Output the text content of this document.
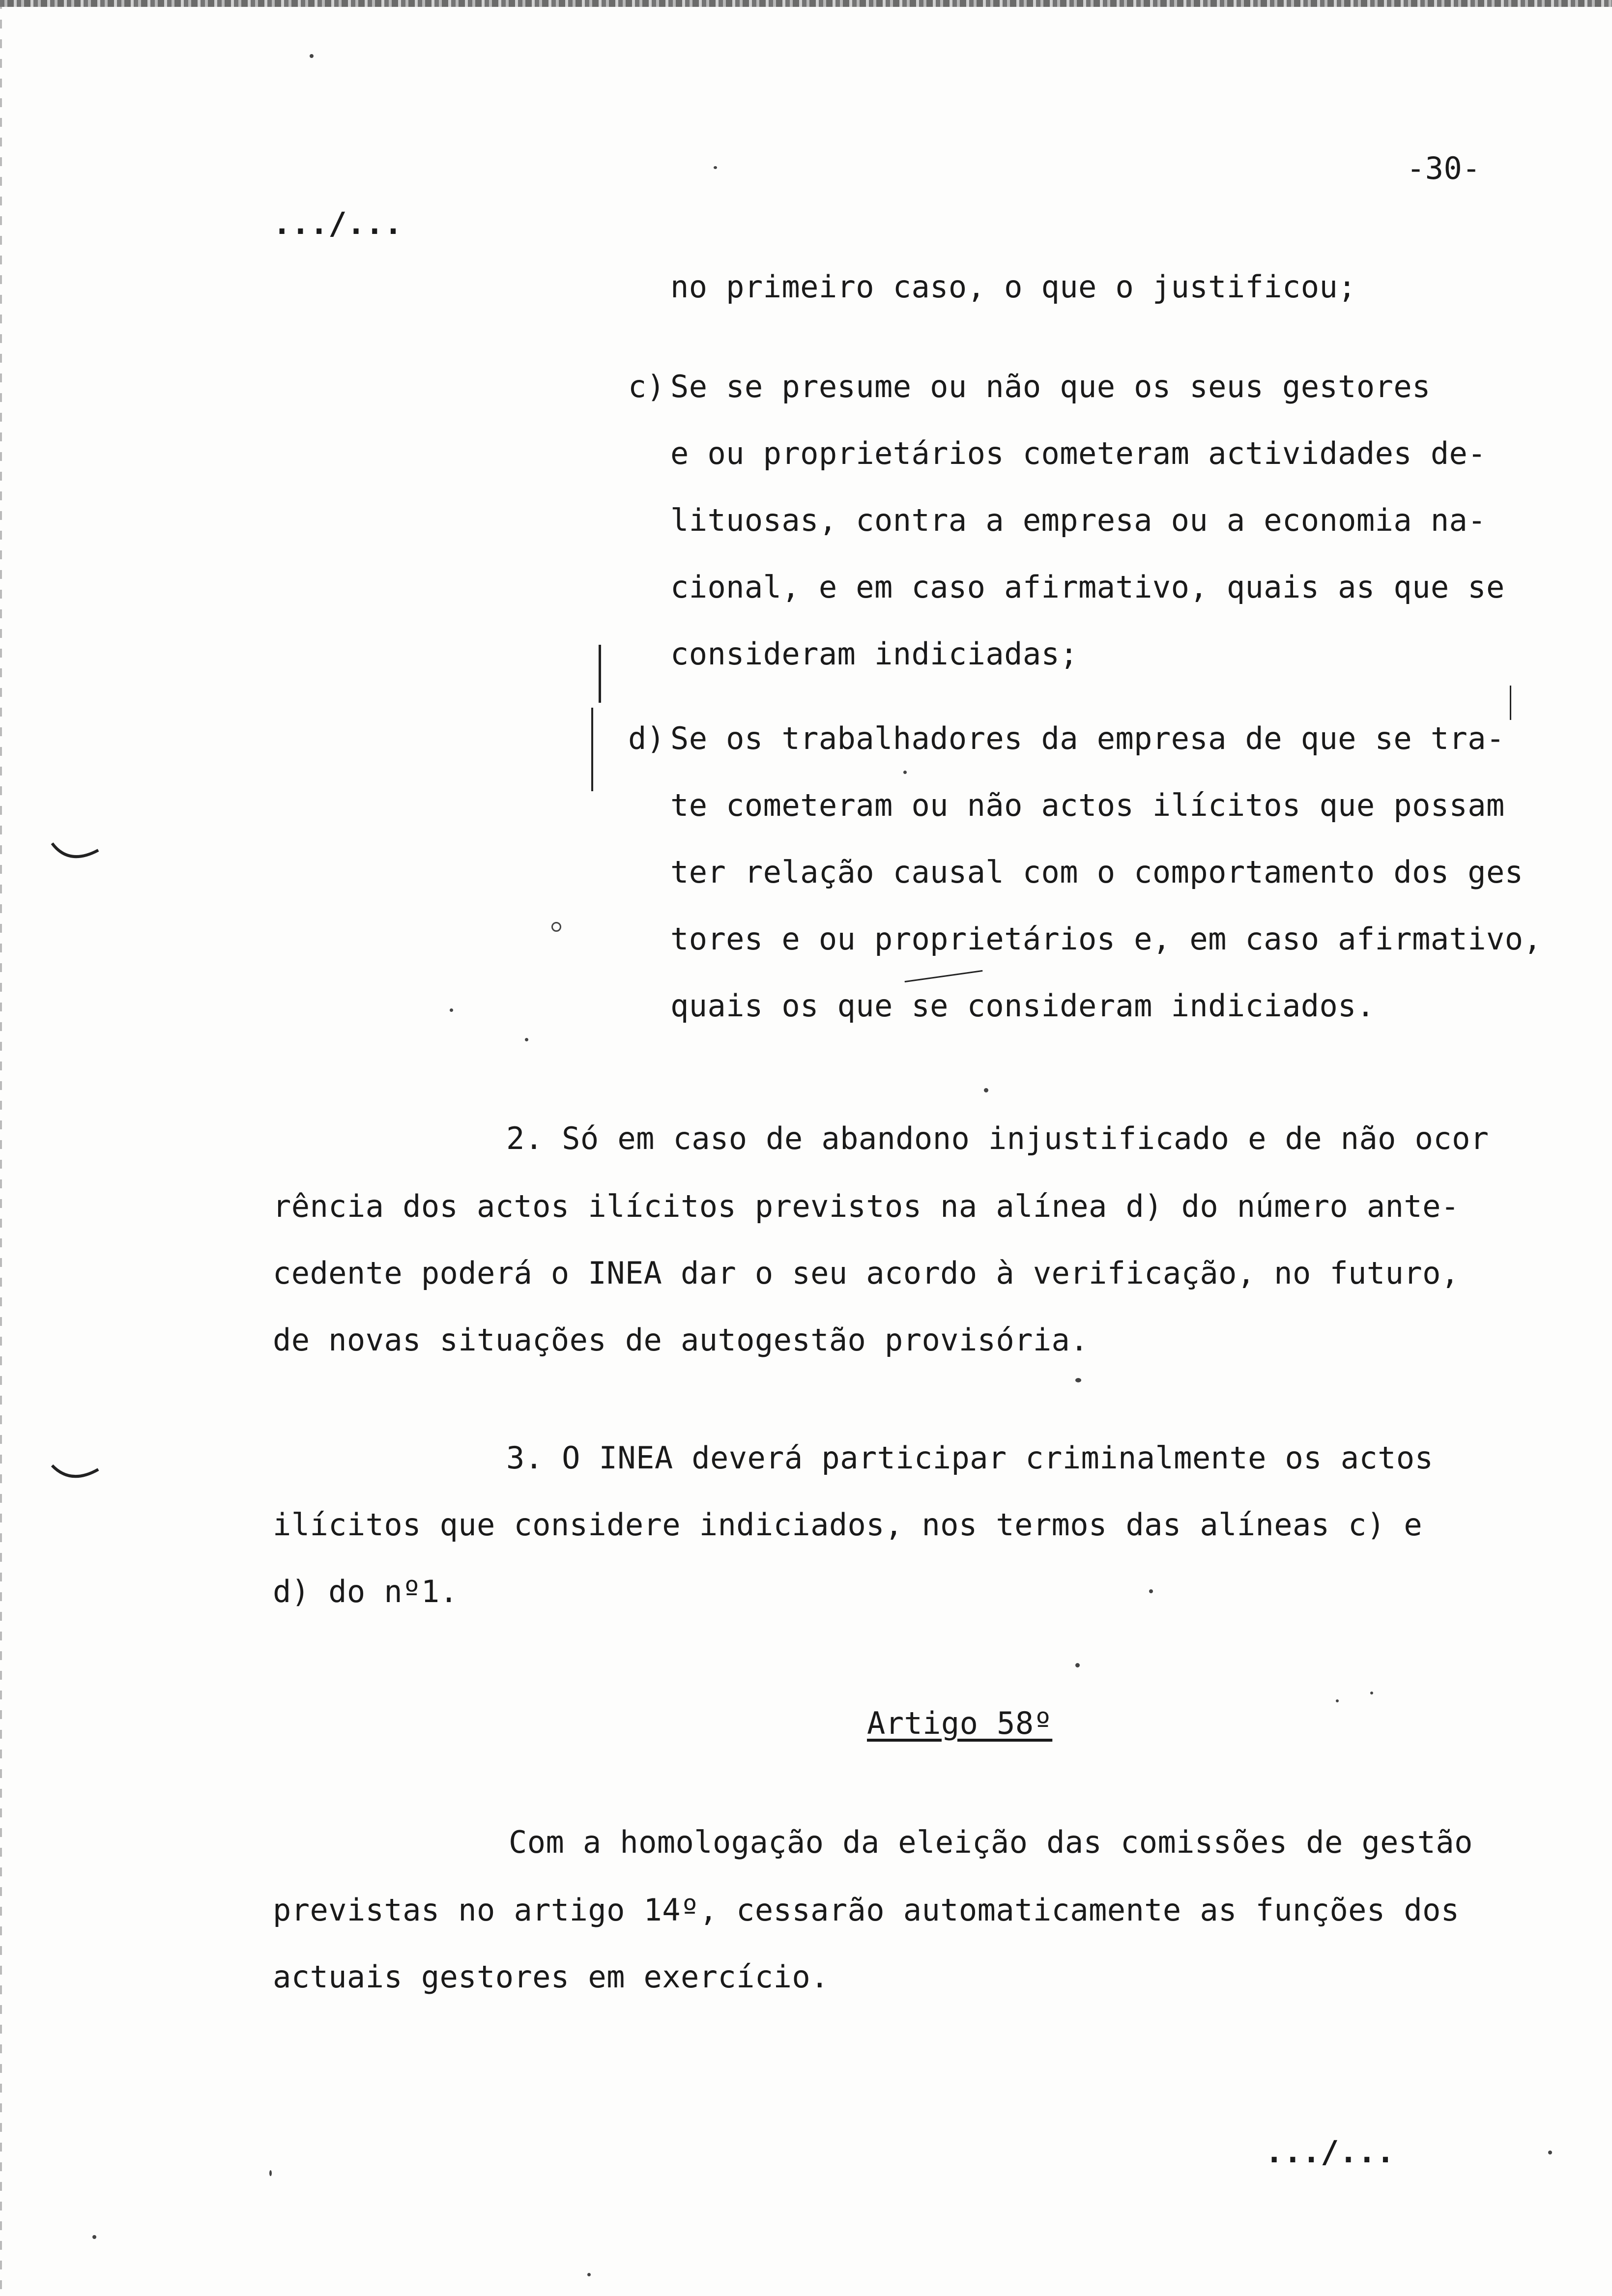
-30-
.../...
no primeiro caso, o que o justificou;
c) Se se presume ou não que os seus gestores
e ou proprietários cometeram actividades de-
lituosas, contra a empresa ou a economia na-
cional, e em caso afirmativo, quais as que se
consideram indiciadas;
d) Se os trabalhadores da empresa de que se tra-
te cometeram ou não actos ilícitos que possam
ter relação causal com o comportamento dos ges
tores e ou proprietários e, em caso afirmativo,
quais os que se consideram indiciados.
2. Só em caso de abandono injustificado e de não ocor
rência dos actos ilícitos previstos na alínea d) do número ante-
cedente poderá o INEA dar o seu acordo à verificação, no futuro,
de novas situações de autogestão provisória.
3. O INEA deverá participar criminalmente os actos
ilícitos que considere indiciados, nos termos das alíneas c) e
d) do nº1.
Artigo 58º
Com a homologação da eleição das comissões de gestão
previstas no artigo 14º, cessarão automaticamente as funções dos
actuais gestores em exercício.
.../...
